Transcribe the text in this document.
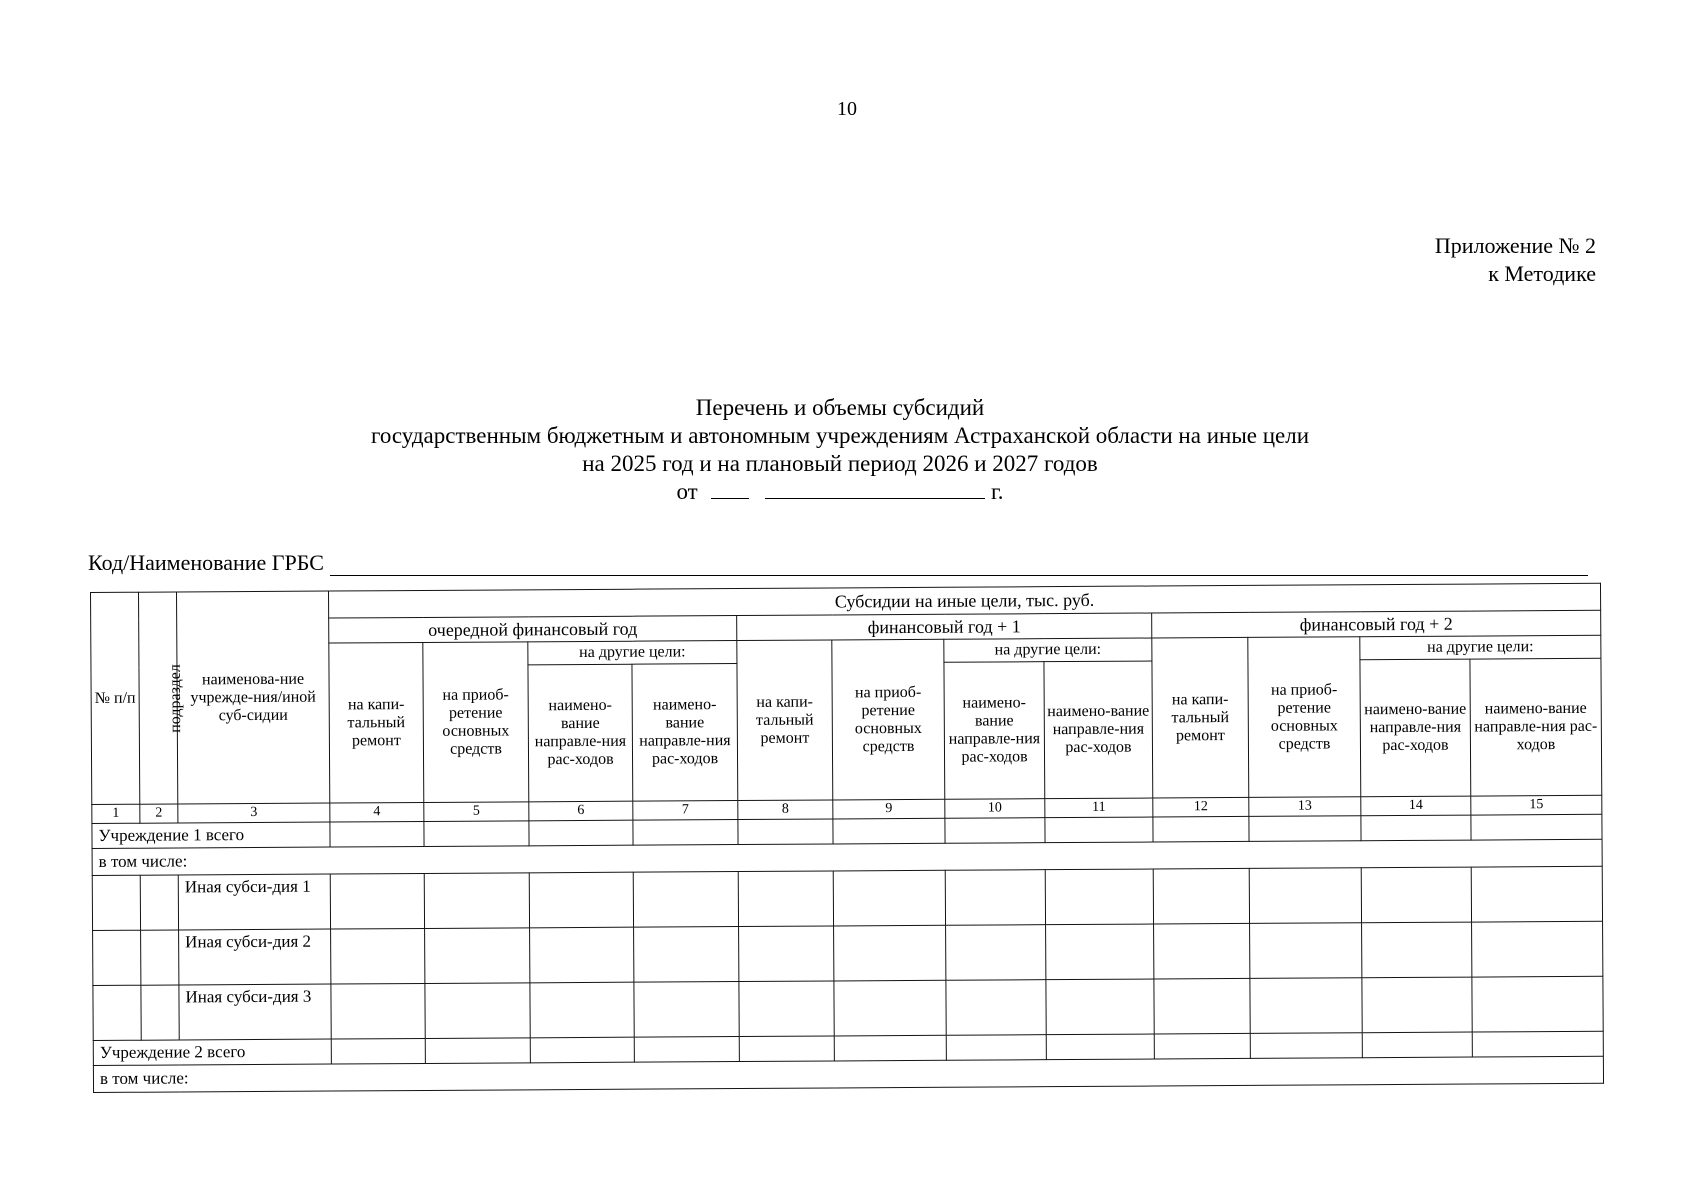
10
Приложение № 2
к Методике
Перечень и объемы субсидий
государственным бюджетным и автономным учреждениям Астраханской области на иные цели
на 2025 год и на плановый период 2026 и 2027 годов
от	г.
Код/Наименование ГРБС
№ п/п	подраздел	наименова-ние учрежде-ния/иной суб-сидии	Субсидии на иные цели, тыс. руб.											
			очередной финансовый год				финансовый год + 1				финансовый год + 2			
			на капи-тальный ремонт	на приоб-ретение основных средств	на другие цели:		на капи-тальный ремонт	на приоб-ретение основных средств	на другие цели:		на капи-тальный ремонт	на приоб-ретение основных средств	на другие цели:	
					наимено-вание направле-ния рас-ходов	наимено-вание направле-ния рас-ходов			наимено-вание направле-ния рас-ходов	наимено-вание направле-ния рас-ходов			наимено-вание направле-ния рас-ходов	наимено-вание направле-ния рас-ходов
1	2	3	4	5	6	7	8	9	10	11	12	13	14	15
Учреждение 1 всего														
в том числе:														
		Иная субси-дия 1												
		Иная субси-дия 2												
		Иная субси-дия 3												
Учреждение 2 всего														
в том числе:														
